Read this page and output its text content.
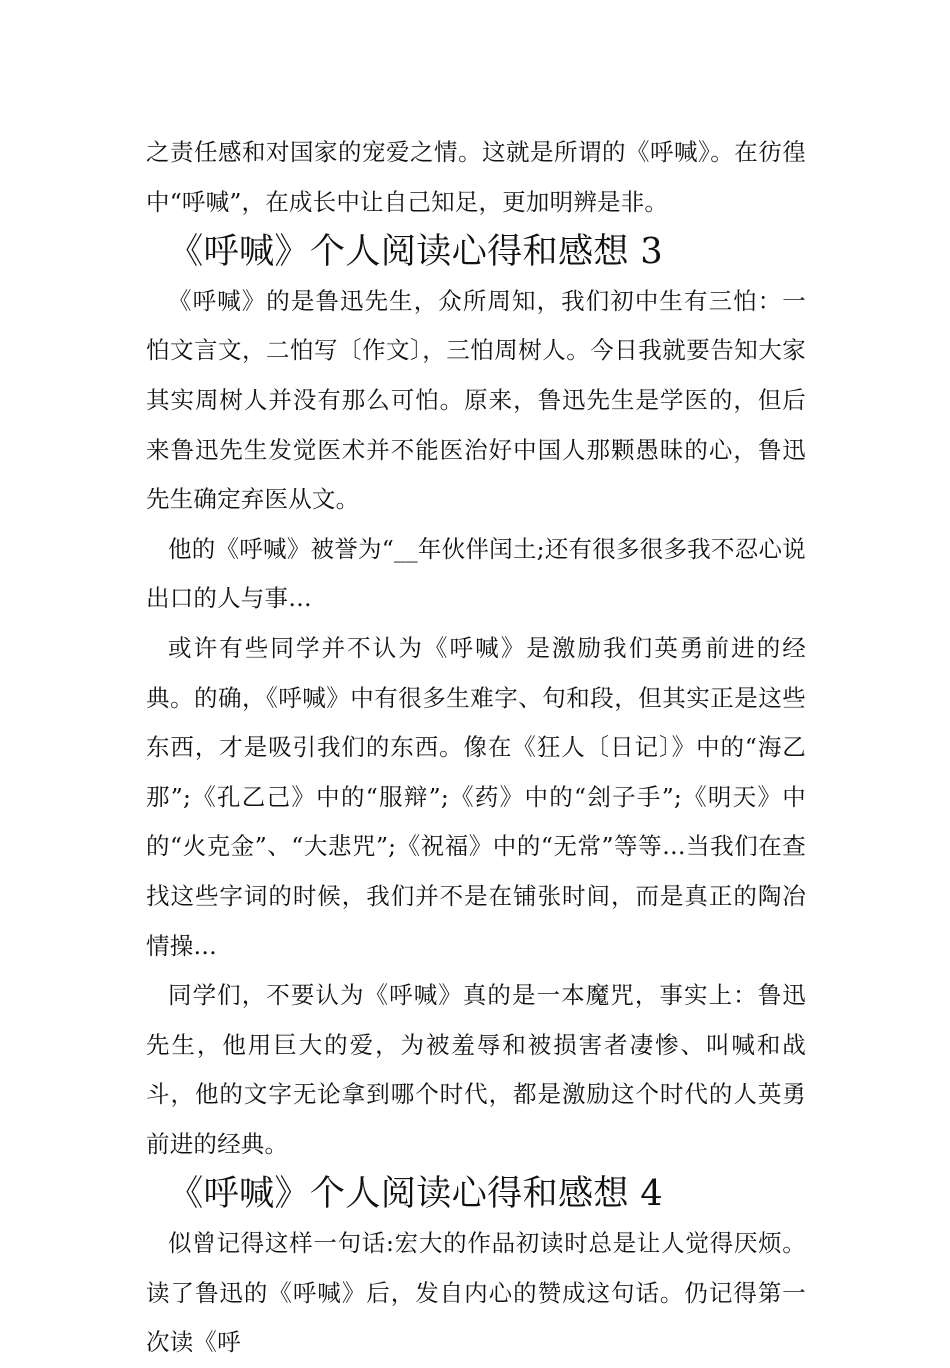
之责任感和对国家的宠爱之情。这就是所谓的《呼喊》。在彷徨中“呼喊”，在成长中让自己知足，更加明辨是非。

《呼喊》个人阅读心得和感想 3

《呼喊》的是鲁迅先生，众所周知，我们初中生有三怕：一怕文言文，二怕写〔作文〕，三怕周树人。今日我就要告知大家其实周树人并没有那么可怕。原来，鲁迅先生是学医的，但后来鲁迅先生发觉医术并不能医治好中国人那颗愚昧的心，鲁迅先生确定弃医从文。

他的《呼喊》被誉为“__年伙伴闰土;还有很多很多我不忍心说出口的人与事…

或许有些同学并不认为《呼喊》是激励我们英勇前进的经典。的确，《呼喊》中有很多生难字、句和段，但其实正是这些东西，才是吸引我们的东西。像在《狂人〔日记〕》中的“海乙那”;《孔乙己》中的“服辩”;《药》中的“刽子手”;《明天》中的“火克金”、“大悲咒”;《祝福》中的“无常”等等…当我们在查找这些字词的时候，我们并不是在铺张时间，而是真正的陶冶情操…

同学们，不要认为《呼喊》真的是一本魔咒，事实上：鲁迅先生，他用巨大的爱，为被羞辱和被损害者凄惨、叫喊和战斗，他的文字无论拿到哪个时代，都是激励这个时代的人英勇前进的经典。

《呼喊》个人阅读心得和感想 4

似曾记得这样一句话:宏大的作品初读时总是让人觉得厌烦。读了鲁迅的《呼喊》后，发自内心的赞成这句话。仍记得第一次读《呼
